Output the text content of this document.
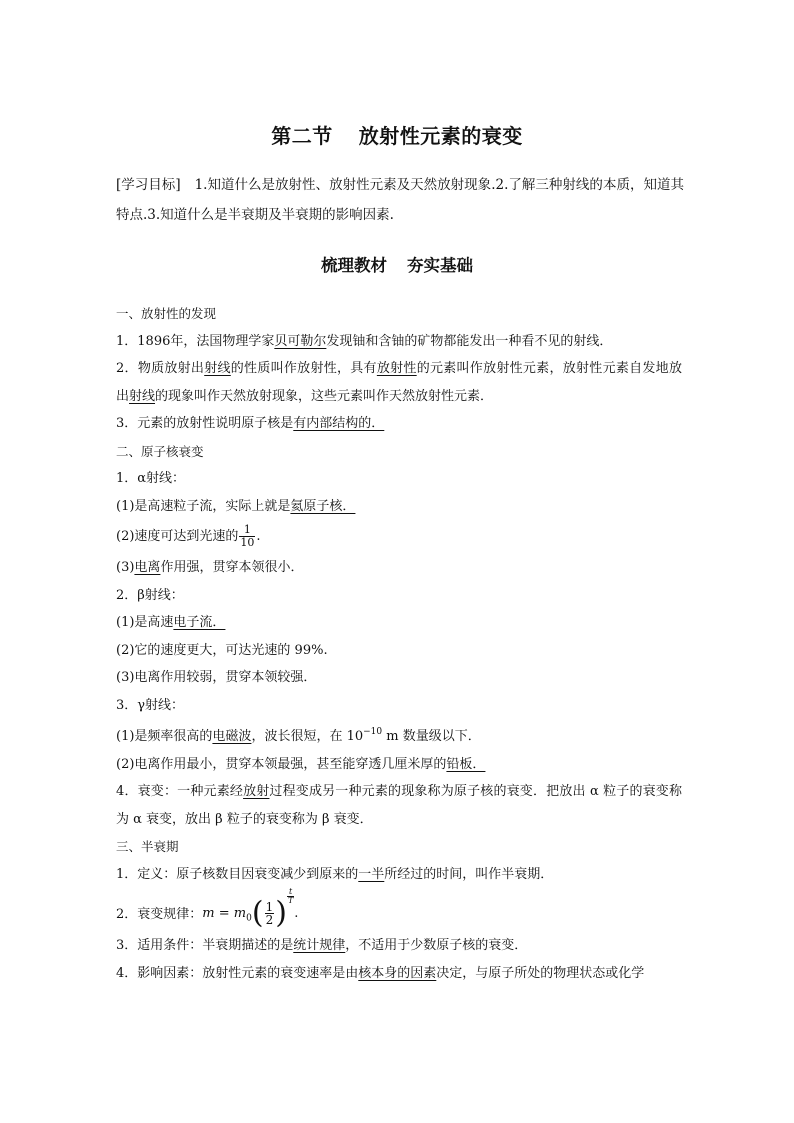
第二节 放射性元素的衰变
[学习目标] 1.知道什么是放射性、放射性元素及天然放射现象.2.了解三种射线的本质，知道其特点.3.知道什么是半衰期及半衰期的影响因素.
梳理教材 夯实基础

一、放射性的发现

1．1896年，法国物理学家贝可勒尔发现铀和含铀的矿物都能发出一种看不见的射线．

2．物质放射出射线的性质叫作放射性，具有放射性的元素叫作放射性元素，放射性元素自发地放出射线的现象叫作天然放射现象，这些元素叫作天然放射性元素．

3．元素的放射性说明原子核是有内部结构的．

二、原子核衰变

1．α射线：

(1)是高速粒子流，实际上就是氦原子核．

(2)速度可达到光速的 $\frac{1}{10}$ .

(3)电离作用强，贯穿本领很小．

2．β射线：

(1)是高速电子流．

(2)它的速度更大，可达光速的 99%.

(3)电离作用较弱，贯穿本领较强．

3．γ射线：

(1)是频率很高的电磁波，波长很短，在 $10^{-10}$ m 数量级以下．

(2)电离作用最小，贯穿本领最强，甚至能穿透几厘米厚的铅板．

4．衰变：一种元素经放射过程变成另一种元素的现象称为原子核的衰变．把放出 α 粒子的衰变称为 α 衰变，放出 β 粒子的衰变称为 β 衰变．

三、半衰期

1．定义：原子核数目因衰变减少到原来的一半所经过的时间，叫作半衰期．

2．衰变规律：$m = m_0( \frac{1}{2}$ ) $\frac{t}{T}$
.

3．适用条件：半衰期描述的是统计规律，不适用于少数原子核的衰变．

4．影响因素：放射性元素的衰变速率是由核本身的因素决定，与原子所处的物理状态或化学
